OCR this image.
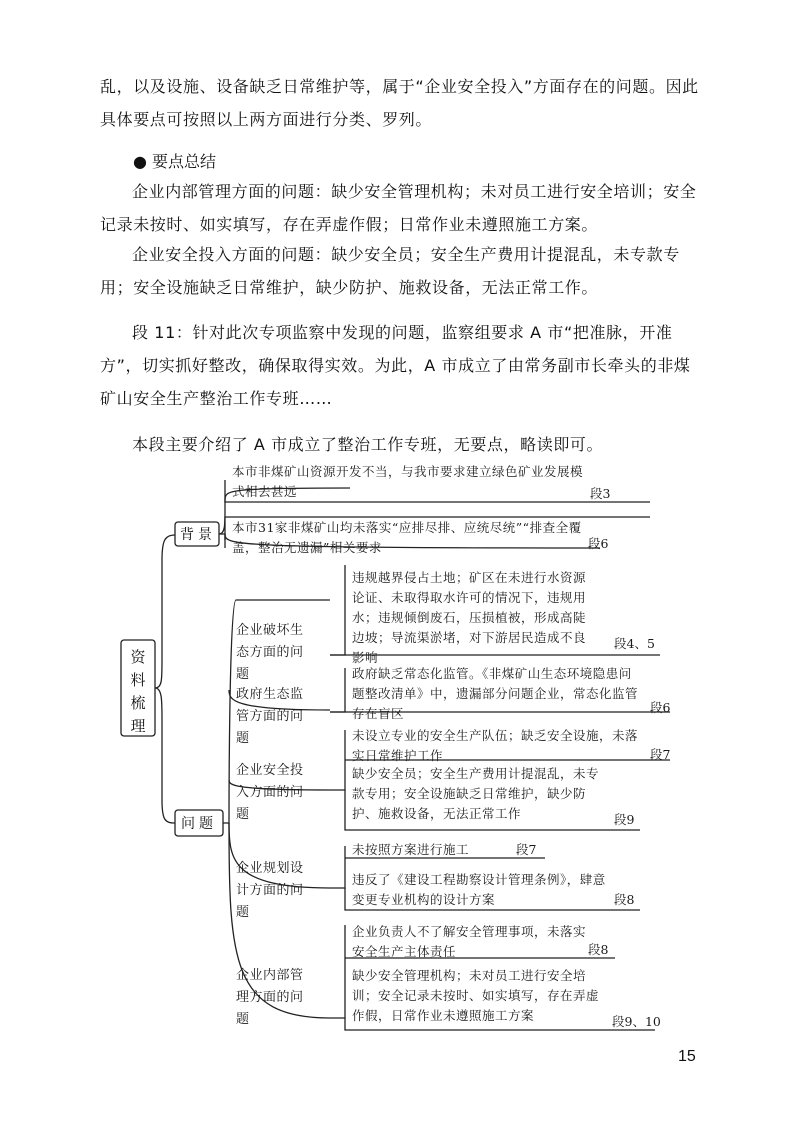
乱，以及设施、设备缺乏日常维护等，属于“企业安全投入”方面存在的问题。因此具体要点可按照以上两方面进行分类、罗列。
● 要点总结
企业内部管理方面的问题：缺少安全管理机构；未对员工进行安全培训；安全记录未按时、如实填写，存在弄虚作假；日常作业未遵照施工方案。
企业安全投入方面的问题：缺少安全员；安全生产费用计提混乱，未专款专用；安全设施缺乏日常维护，缺少防护、施救设备，无法正常工作。
段 11：针对此次专项监察中发现的问题，监察组要求 A 市“把准脉，开准方”，切实抓好整改，确保取得实效。为此，A 市成立了由常务副市长牵头的非煤矿山安全生产整治工作专班……
本段主要介绍了 A 市成立了整治工作专班，无要点，略读即可。
资料梳理
背景
问题
本市非煤矿山资源开发不当，与我市要求建立绿色矿业发展模式相去甚远	段3
本市31家非煤矿山均未落实“应排尽排、应统尽统”“排查全覆盖，整治无遗漏”相关要求	段6
企业破坏生态方面的问题
政府生态监管方面的问题
企业安全投入方面的问题
企业规划设计方面的问题
企业内部管理方面的问题
违规越界侵占土地；矿区在未进行水资源论证、未取得取水许可的情况下，违规用水；违规倾倒废石，压损植被，形成高陡边坡；导流渠淤堵，对下游居民造成不良影响
段4、5
政府缺乏常态化监管。《非煤矿山生态环境隐患问题整改清单》中，遗漏部分问题企业，常态化监管存在盲区	段6
未设立专业的安全生产队伍；缺乏安全设施，未落实日常维护工作	段7
缺少安全员；安全生产费用计提混乱，未专款专用；安全设施缺乏日常维护，缺少防护、施救设备，无法正常工作	段9
未按照方案进行施工	段7
违反了《建设工程勘察设计管理条例》，肆意变更专业机构的设计方案	段8
企业负责人不了解安全管理事项，未落实安全生产主体责任	段8
缺少安全管理机构；未对员工进行安全培训；安全记录未按时、如实填写，存在弄虚作假，日常作业未遵照施工方案	段9、10
15
